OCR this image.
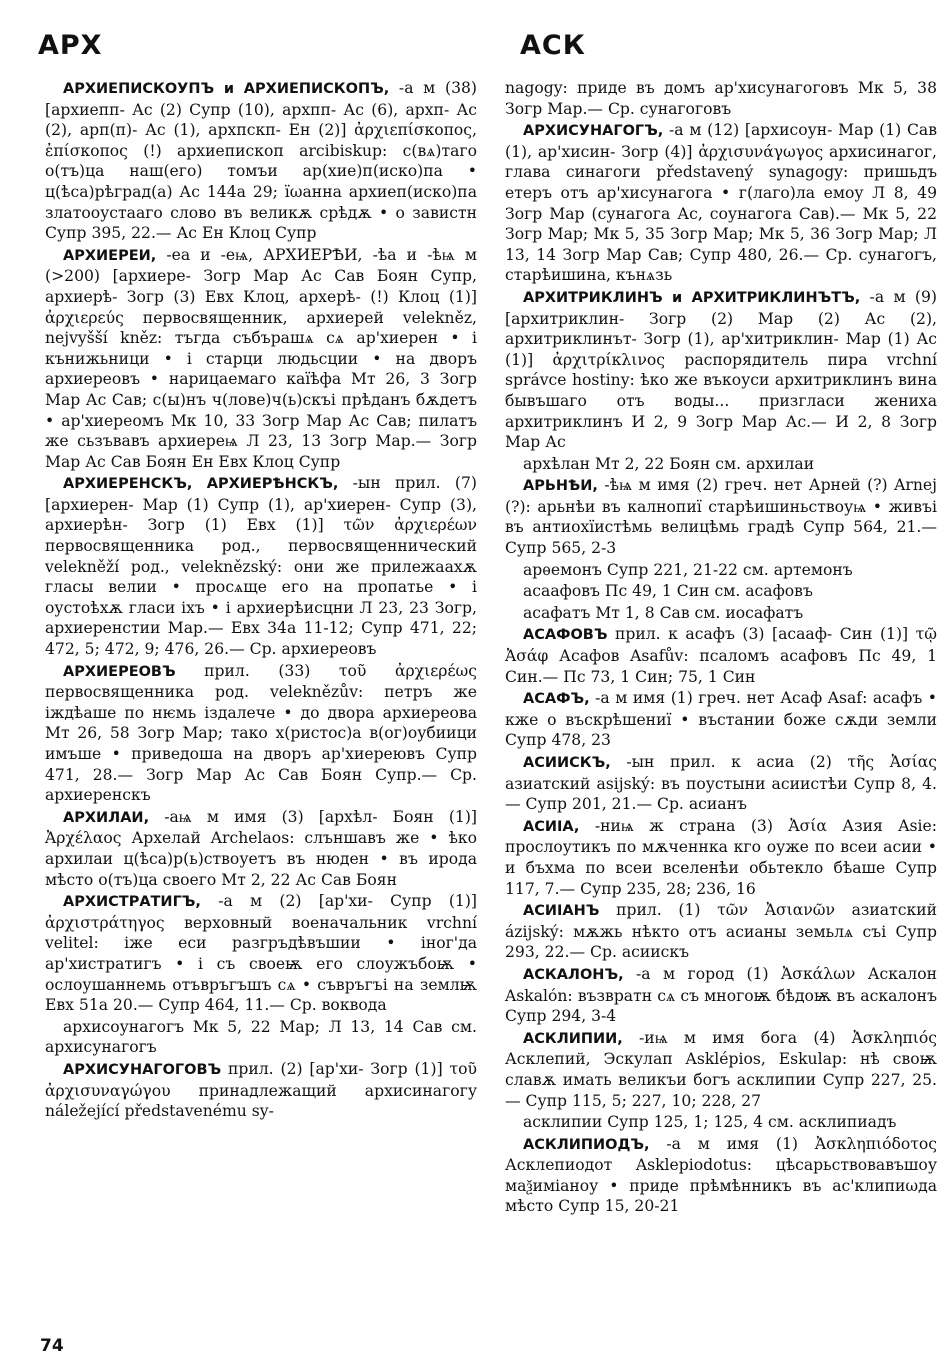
АРХ	АСК

АРХИЕПИСКОУПЪ и АРХИЕПИСКОПЪ, -а м (38) [архиепп- Ас (2) Супр (10), архпп- Ас (6), архп- Ас (2), арп(п)- Ас (1), архпскп- Ен (2)] ἀρχιεπίσκοπος, ἐπίσκοπος (!) архиепископ arcibiskup: с(вѧ)таго о(тъ)ца наш(его) томъи ар(хие)п(иско)па • ц(ѣса)рѣград(а) Ас 144а 29; їωанна архиеп(иско)па златооустааго слово въ великѫ срѣдѫ • о завистн Супр 395, 22.— Ас Ен Клоц Супр

АРХИЕРЕИ, -еа и -еѩ, АРХИЕРѢИ, -ѣа и -ѣѩ м (>200) [архиере- Зогр Мар Ас Сав Боян Супр, архиерѣ- Зогр (3) Евх Клоц, архерѣ- (!) Клоц (1)] ἀρχιερεύς первосвященник, архиерей velekněz, nejvyšší kněz: тъгда събърашѧ сѧ ар'хиерен • і кънижьници • і старци людьсции • на дворъ архиереовъ • нарицаемаго каїѣфа Мт 26, 3 Зогр Мар Ас Сав; с(ы)нъ ч(лове)ч(ь)скъі прѣданъ бѫдетъ • ар'хиереомъ Мк 10, 33 Зогр Мар Ас Сав; пилатъ же сьзъвавъ архиереѩ Л 23, 13 Зогр Мар.— Зогр Мар Ас Сав Боян Ен Евх Клоц Супр

АРХИЕРЕНСКЪ, АРХИЕРѢНСКЪ, -ын прил. (7) [архиерен- Мар (1) Супр (1), ар'хиерен- Супр (3), архиерѣн- Зогр (1) Евх (1)] τῶν ἀρχιερέων первосвященника род., первосвященнический velekněží род., veleknězský: они же прилежаахѫ гласы велии • просѧще его на пропатье • і оустоѣхѫ гласи іхъ • і архиерѣисцни Л 23, 23 Зогр, архиеренстии Мар.— Евх 34а 11-12; Супр 471, 22; 472, 5; 472, 9; 476, 26.— Ср. архиереовъ

АРХИЕРЕОВЪ прил. (33) τοῦ ἀρχιερέως первосвященника род. veleknězův: петръ же іждѣаше по нѥмь іздалече • до двора архиереова Мт 26, 58 Зогр Мар; тако х(ристос)а в(ог)оубиици имъше • приведоша на дворъ ар'хиереювъ Супр 471, 28.— Зогр Мар Ас Сав Боян Супр.— Ср. архиеренскъ

АРХИЛАИ, -аѩ м имя (3) [архѣл- Боян (1)] Ἀρχέλαος Архелай Archelaos: слъншавъ же • ѣко архилаи ц(ѣса)р(ь)ствоуетъ въ нюден • въ ирода мѣсто о(тъ)ца своего Мт 2, 22 Ас Сав Боян

АРХИСТРАТИГЪ, -а м (2) [ар'хи- Супр (1)] ἀρχιστράτηγος верховный военачальник vrchní velitel: іже еси разгръдѣвъшии • іног'да ар'хистратигъ • і съ своеѭ его слоужъбоѭ • ослоушаннемь отъвръгъшъ сѧ • съвръгъі на землѭ Евх 51а 20.— Супр 464, 11.— Ср. воквода

архисоунагогъ Мк 5, 22 Мар; Л 13, 14 Сав см. архисунагогъ

АРХИСУНАГОГОВЪ прил. (2) [ар'хи- Зогр (1)] τοῦ ἀρχισυναγώγου принадлежащий архисинагогу náležející představenému sy-

nagogy: приде въ домъ ар'хисунагоговъ Мк 5, 38 Зогр Мар.— Ср. сунагоговъ

АРХИСУНАГОГЪ, -а м (12) [архисоун- Мар (1) Сав (1), ар'хисин- Зогр (4)] ἀρχισυνάγωγος архисинагог, глава синагоги představený synagogy: пришьдъ етеръ отъ ар'хисунагога • г(лаго)ла емоу Л 8, 49 Зогр Мар (сунагога Ас, соунагога Сав).— Мк 5, 22 Зогр Мар; Мк 5, 35 Зогр Мар; Мк 5, 36 Зогр Мар; Л 13, 14 Зогр Мар Сав; Супр 480, 26.— Ср. сунагогъ, старѣишина, кънѧзь

АРХИТРИКЛИНЪ и АРХИТРИКЛИНЪТЪ, -а м (9) [архитриклин- Зогр (2) Мар (2) Ас (2), архитриклинът- Зогр (1), ар'хитриклин- Мар (1) Ас (1)] ἀρχιτρίκλινος распорядитель пира vrchní správce hostiny: ѣко же въкоуси архитриклинъ вина бывъшаго отъ воды... призгласи женихa архитриклинъ И 2, 9 Зогр Мар Ас.— И 2, 8 Зогр Мар Ас

архѣлан Мт 2, 22 Боян см. архилаи

АРЬНѢИ, -ѣѩ м имя (2) греч. нет Арней (?) Arnej (?): арьнѣи въ калнопиї старѣишиньствоуѩ • живъі въ антиохїистѣмь велицѣмь градѣ Супр 564, 21.— Супр 565, 2-3

арѳемонъ Супр 221, 21-22 см. артемонъ

асаафовъ Пс 49, 1 Син см. асафовъ

асафатъ Мт 1, 8 Сав см. иосафатъ

АСАФОВЪ прил. к асафъ (3) [асаaф- Син (1)] τῷ Ἀσάφ Асафов Asafův: псаломъ асафовъ Пс 49, 1 Син.— Пс 73, 1 Син; 75, 1 Син

АСАФЪ, -а м имя (1) греч. нет Асаф Asaf: асафъ • кже о въскрѣшениї • въстании боже сѫди земли Супр 478, 23

АСИИСКЪ, -ын прил. к асиа (2) τῆς Ἀσίας азиатский asijský: въ поустыни асиистѣи Супр 8, 4.— Супр 201, 21.— Ср. асианъ

АСИIA, -ниѩ ж страна (3) Ἀσία Азия Asie: прослоутикъ по мѫченнкa кго оуже по всеи асии • и бъхма по всеи вселенѣи обьтекло бѣаше Супр 117, 7.— Супр 235, 28; 236, 16

АСИIАНЪ прил. (1) τῶν Ἀσιανῶν азиатский ázijský: мѫжь нѣкто отъ асианы земьлѧ съі Супр 293, 22.— Ср. асиискъ

АСКАЛОНЪ, -а м город (1) Ἀσκάλων Аскалон Askalón: възвратн сѧ съ многоѭ бѣдоѭ въ аскалонъ Супр 294, 3-4

АСКЛИПИИ, -иѩ м имя бога (4) Ἀσκληπιός Асклепий, Эскулап Asklépios, Eskulap: нѣ своѭ славѫ имать великъи богъ асклипии Супр 227, 25.— Супр 115, 5; 227, 10; 228, 27

асклипии Супр 125, 1; 125, 4 см. асклипиадъ

АСКЛИПИОДЪ, -а м имя (1) Ἀσκληπιόδοτος Асклепиодот Asklepiodotus: цѣсарьствовавъшоу маѯиміаноу • приде прѣмѣнникъ въ ас'клипиωда мѣсто Супр 15, 20-21

74
